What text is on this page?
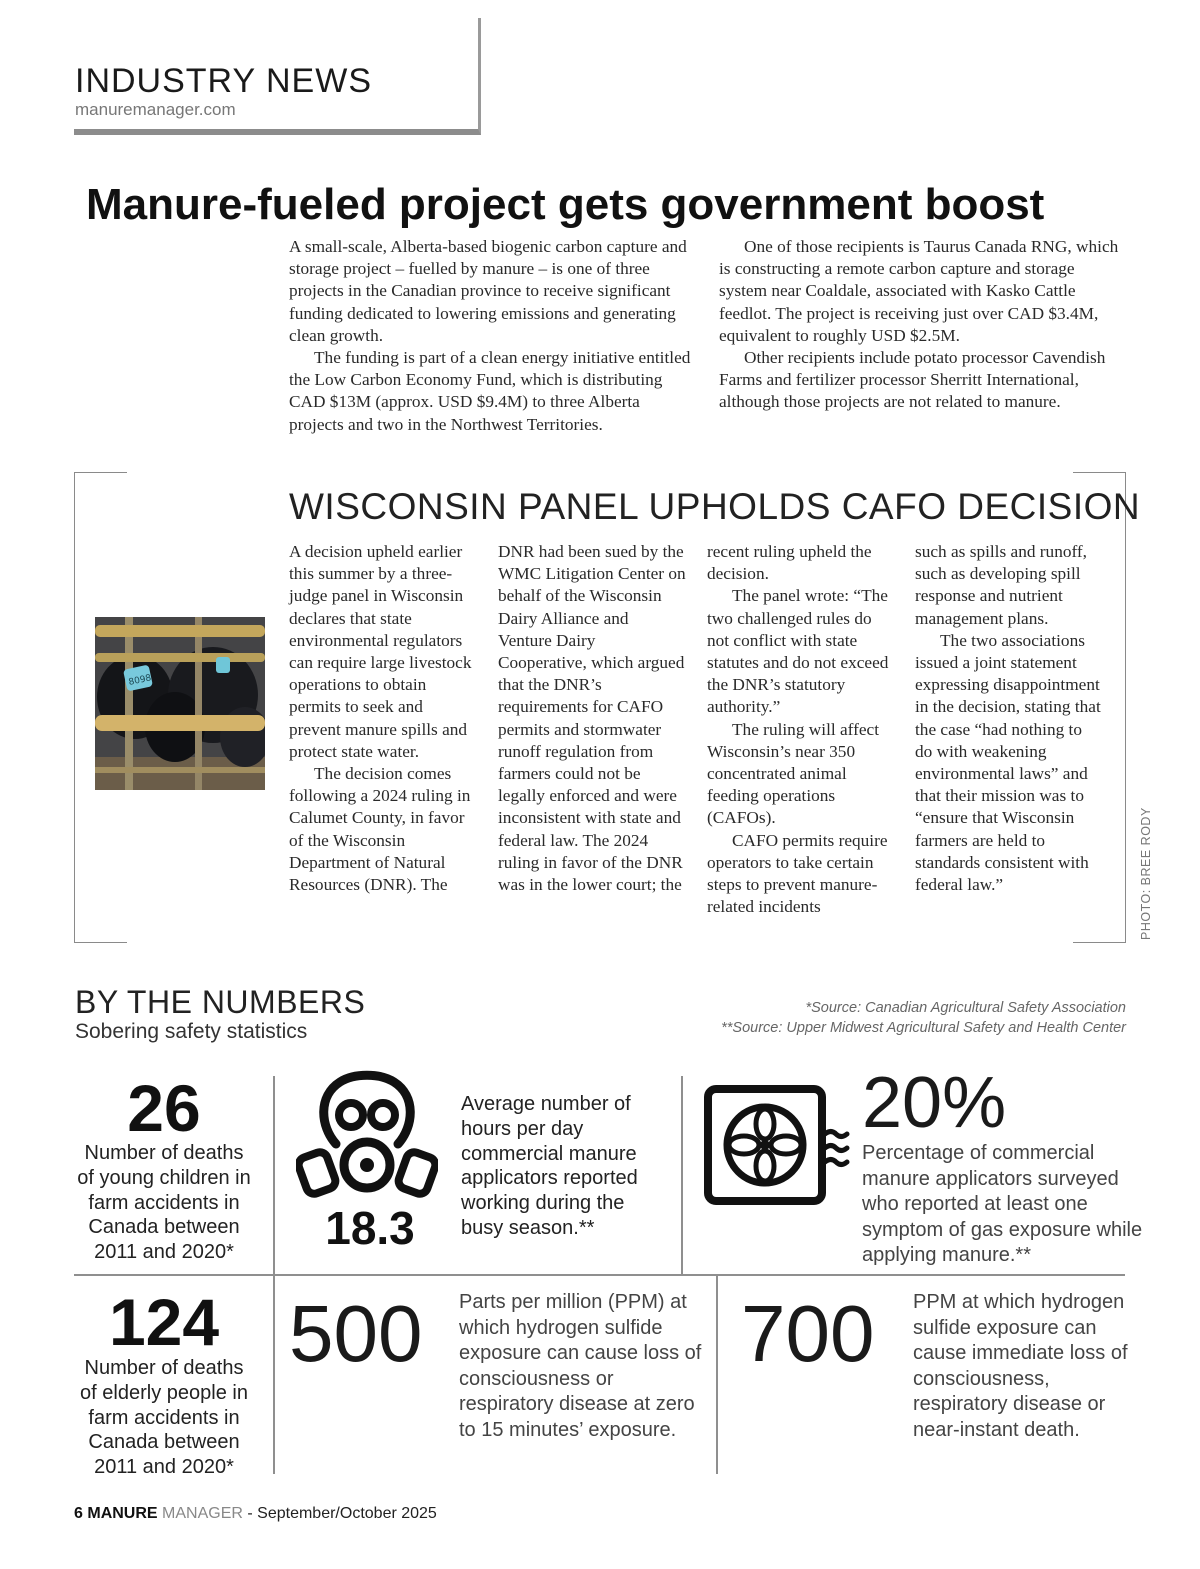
INDUSTRY NEWS
manuremanager.com
Manure-fueled project gets government boost

A small-scale, Alberta-based biogenic carbon capture and storage project – fuelled by manure – is one of three projects in the Canadian province to receive significant funding dedicated to lowering emissions and generating clean growth.

The funding is part of a clean energy initiative entitled the Low Carbon Economy Fund, which is distributing CAD $13M (approx. USD $9.4M) to three Alberta projects and two in the Northwest Territories.

One of those recipients is Taurus Canada RNG, which is constructing a remote carbon capture and storage system near Coaldale, associated with Kasko Cattle feedlot. The project is receiving just over CAD $3.4M, equivalent to roughly USD $2.5M.

Other recipients include potato processor Cavendish Farms and fertilizer processor Sherritt International, although those projects are not related to manure.

WISCONSIN PANEL UPHOLDS CAFO DECISION
8098

A decision upheld earlier this summer by a three-judge panel in Wisconsin declares that state environmental regulators can require large livestock operations to obtain permits to seek and prevent manure spills and protect state water.

The decision comes following a 2024 ruling in Calumet County, in favor of the Wisconsin Department of Natural Resources (DNR). The

DNR had been sued by the WMC Litigation Center on behalf of the Wisconsin Dairy Alliance and Venture Dairy Cooperative, which argued that the DNR’s requirements for CAFO permits and stormwater runoff regulation from farmers could not be legally enforced and were inconsistent with state and federal law. The 2024 ruling in favor of the DNR was in the lower court; the

recent ruling upheld the decision.

The panel wrote: “The two challenged rules do not conflict with state statutes and do not exceed the DNR’s statutory authority.”

The ruling will affect Wisconsin’s near 350 concentrated animal feeding operations (CAFOs).

CAFO permits require operators to take certain steps to prevent manure-related incidents

such as spills and runoff, such as developing spill response and nutrient management plans.

The two associations issued a joint statement expressing disappointment in the decision, stating that the case “had nothing to do with weakening environmental laws” and that their mission was to “ensure that Wisconsin farmers are held to standards consistent with federal law.”	PHOTO: BREE RODY
BY THE NUMBERS
Sobering safety statistics
*Source: Canadian Agricultural Safety Association
**Source: Upper Midwest Agricultural Safety and Health Center
26
Number of deaths of young children in farm accidents in Canada between 2011 and 2020*	18.3
Average number of hours per day commercial manure applicators reported working during the busy season.**
20%
Percentage of commercial manure applicators surveyed who reported at least one symptom of gas exposure while applying manure.**
124
Number of deaths of elderly people in farm accidents in Canada between 2011 and 2020*
500 Parts per million (PPM) at which hydrogen sulfide exposure can cause loss of consciousness or respiratory disease at zero to 15 minutes’ exposure.
700 PPM at which hydrogen sulfide exposure can cause immediate loss of consciousness, respiratory disease or near-instant death.
6 MANURE MANAGER - September/October 2025
